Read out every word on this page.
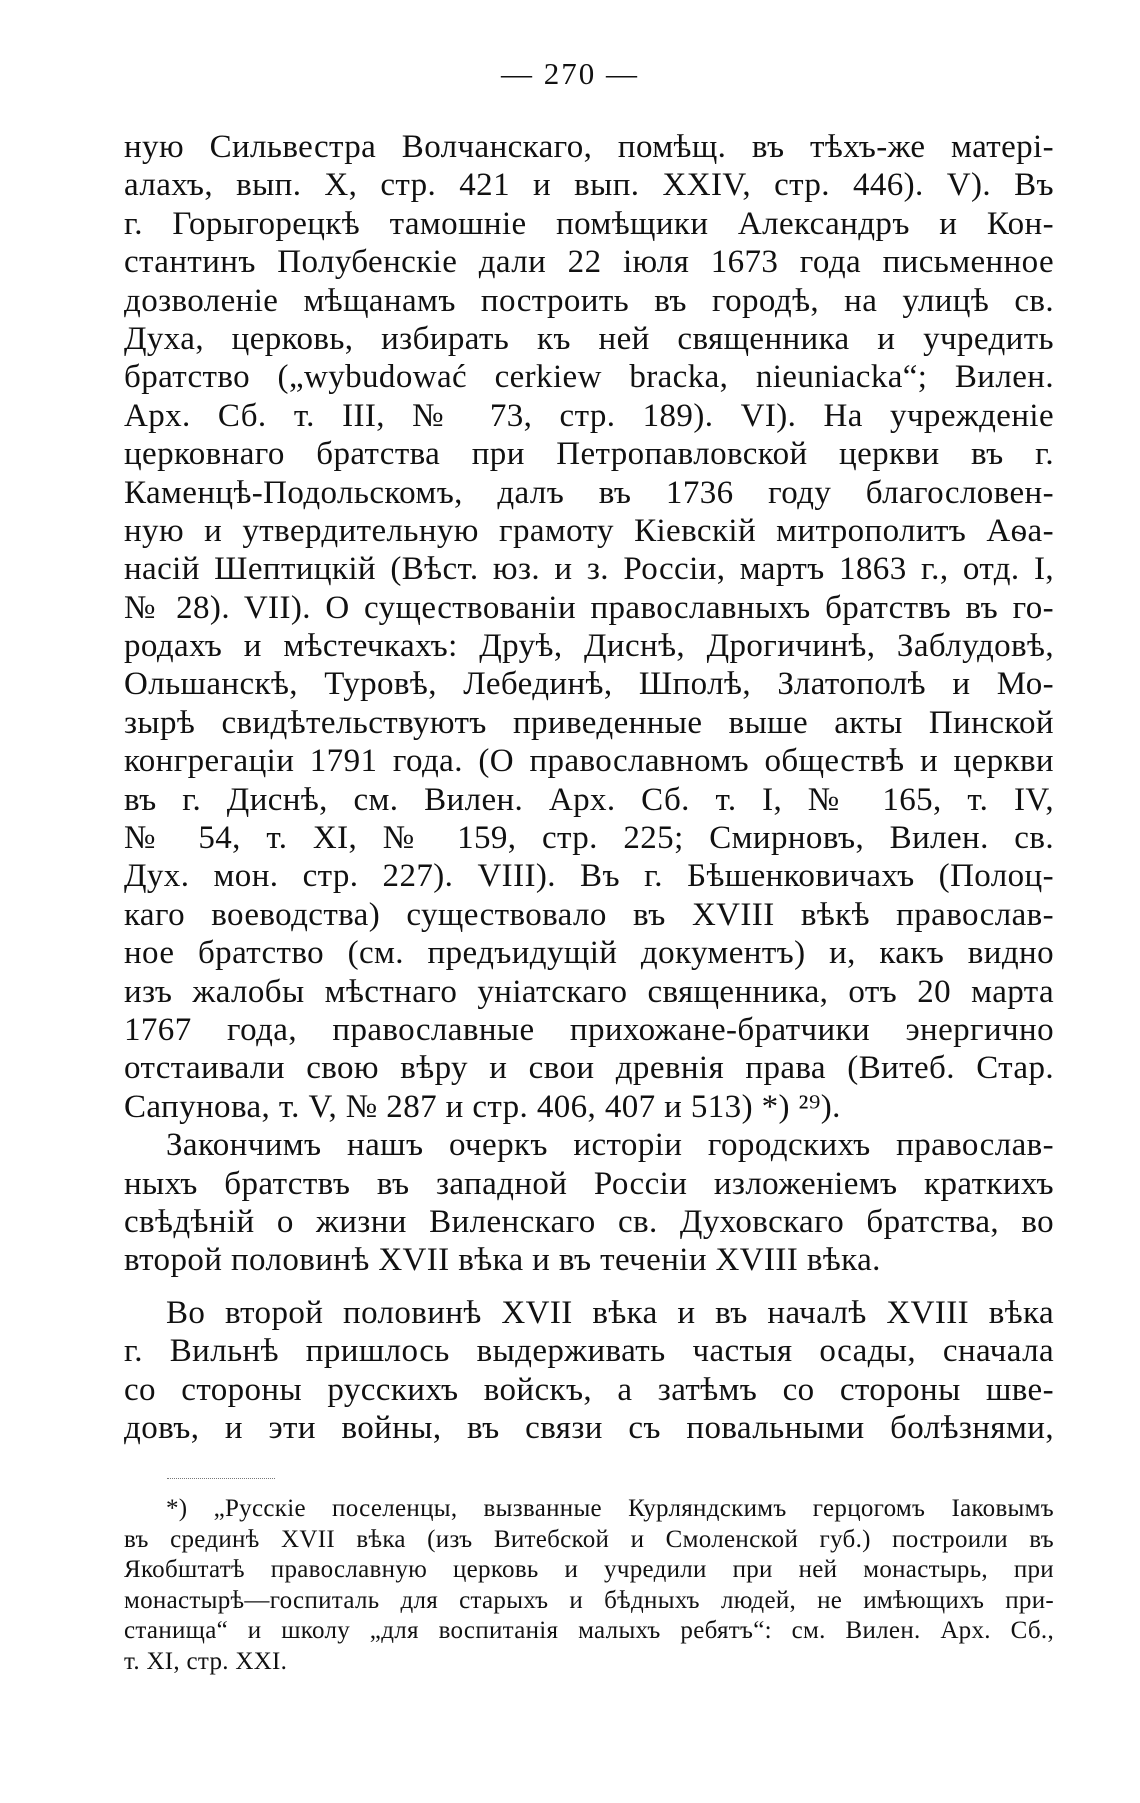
— 270 —
ную Сильвестра Волчанскаго, помѣщ. въ тѣхъ-же матері-
алахъ, вып. X, стр. 421 и вып. XXIV, стр. 446). V). Въ
г. Горыгорецкѣ тамошніе помѣщики Александръ и Кон-
стантинъ Полубенскіе дали 22 іюля 1673 года письменное
дозволеніе мѣщанамъ построить въ городѣ, на улицѣ св.
Духа, церковь, избирать къ ней священника и учредить
братство („wybudować cerkiew bracka, nieuniacka“; Вилен.
Арх. Сб. т. III, № 73, стр. 189). VI). На учрежденіе
церковнаго братства при Петропавловской церкви въ г.
Каменцѣ-Подольскомъ, далъ въ 1736 году благословен-
ную и утвердительную грамоту Кіевскій митрополитъ Аѳа-
насій Шептицкій (Вѣст. юз. и з. Россіи, мартъ 1863 г., отд. I,
№ 28). VII). О существованіи православныхъ братствъ въ го-
родахъ и мѣстечкахъ: Друѣ, Диснѣ, Дрогичинѣ, Заблудовѣ,
Ольшанскѣ, Туровѣ, Лебединѣ, Шполѣ, Златополѣ и Мо-
зырѣ свидѣтельствуютъ приведенные выше акты Пинской
конгрегаціи 1791 года. (О православномъ обществѣ и церкви
въ г. Диснѣ, см. Вилен. Арх. Сб. т. I, № 165, т. IV,
№ 54, т. XI, № 159, стр. 225; Смирновъ, Вилен. св.
Дух. мон. стр. 227). VIII). Въ г. Бѣшенковичахъ (Полоц-
каго воеводства) существовало въ XVIII вѣкѣ православ-
ное братство (см. предъидущій документъ) и, какъ видно
изъ жалобы мѣстнаго уніатскаго священника, отъ 20 марта
1767 года, православные прихожане-братчики энергично
отстаивали свою вѣру и свои древнія права (Витеб. Стар.
Сапунова, т. V, № 287 и стр. 406, 407 и 513) *) ²⁹).
Закончимъ нашъ очеркъ исторіи городскихъ православ-
ныхъ братствъ въ западной Россіи изложеніемъ краткихъ
свѣдѣній о жизни Виленскаго св. Духовскаго братства, во
второй половинѣ XVII вѣка и въ теченіи XVIII вѣка.
Во второй половинѣ XVII вѣка и въ началѣ XVIII вѣка
г. Вильнѣ пришлось выдерживать частыя осады, сначала
со стороны русскихъ войскъ, а затѣмъ со стороны шве-
довъ, и эти войны, въ связи съ повальными болѣзнями,
*) „Русскіе поселенцы, вызванные Курляндскимъ герцогомъ Іаковымъ
въ срединѣ XVII вѣка (изъ Витебской и Смоленской губ.) построили въ
Якобштатѣ православную церковь и учредили при ней монастырь, при
монастырѣ—госпиталь для старыхъ и бѣдныхъ людей, не имѣющихъ при-
станища“ и школу „для воспитанія малыхъ ребятъ“: см. Вилен. Арх. Сб.,
т. XI, стр. XXI.
